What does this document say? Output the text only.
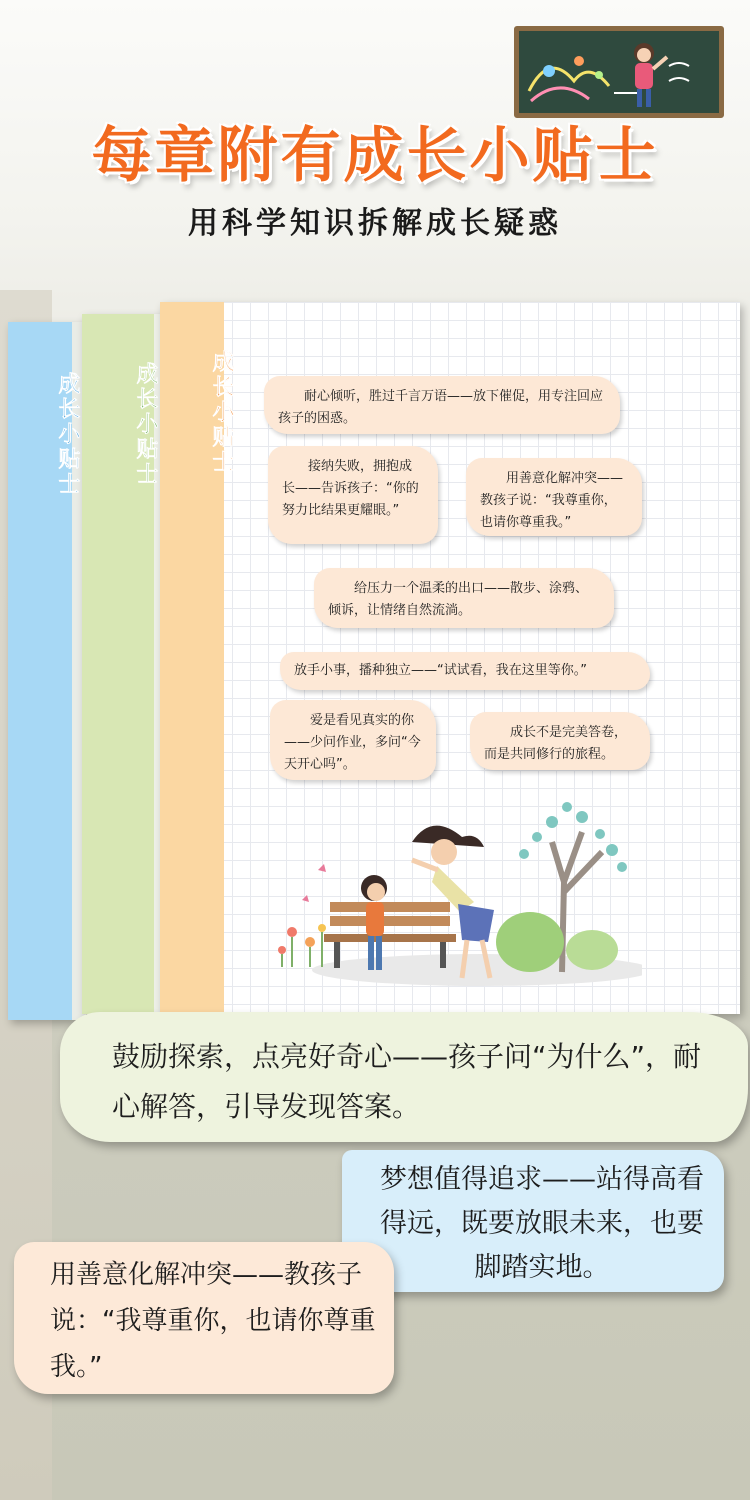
每章附有成长小贴士
用科学知识拆解成长疑惑
成长小贴士 成长小贴士 成长小贴士	耐心倾听，胜过千言万语——放下催促，用专注回应孩子的困惑。
接纳失败，拥抱成长——告诉孩子：“你的努力比结果更耀眼。”
用善意化解冲突——教孩子说：“我尊重你，也请你尊重我。”
给压力一个温柔的出口——散步、涂鸦、倾诉，让情绪自然流淌。
放手小事，播种独立——“试试看，我在这里等你。”
爱是看见真实的你——少问作业，多问“今天开心吗”。
成长不是完美答卷，而是共同修行的旅程。
鼓励探索，点亮好奇心——孩子问“为什么”，耐心解答，引导发现答案。
梦想值得追求——站得高看得远，既要放眼未来，也要脚踏实地。
用善意化解冲突——教孩子说：“我尊重你，也请你尊重我。”
